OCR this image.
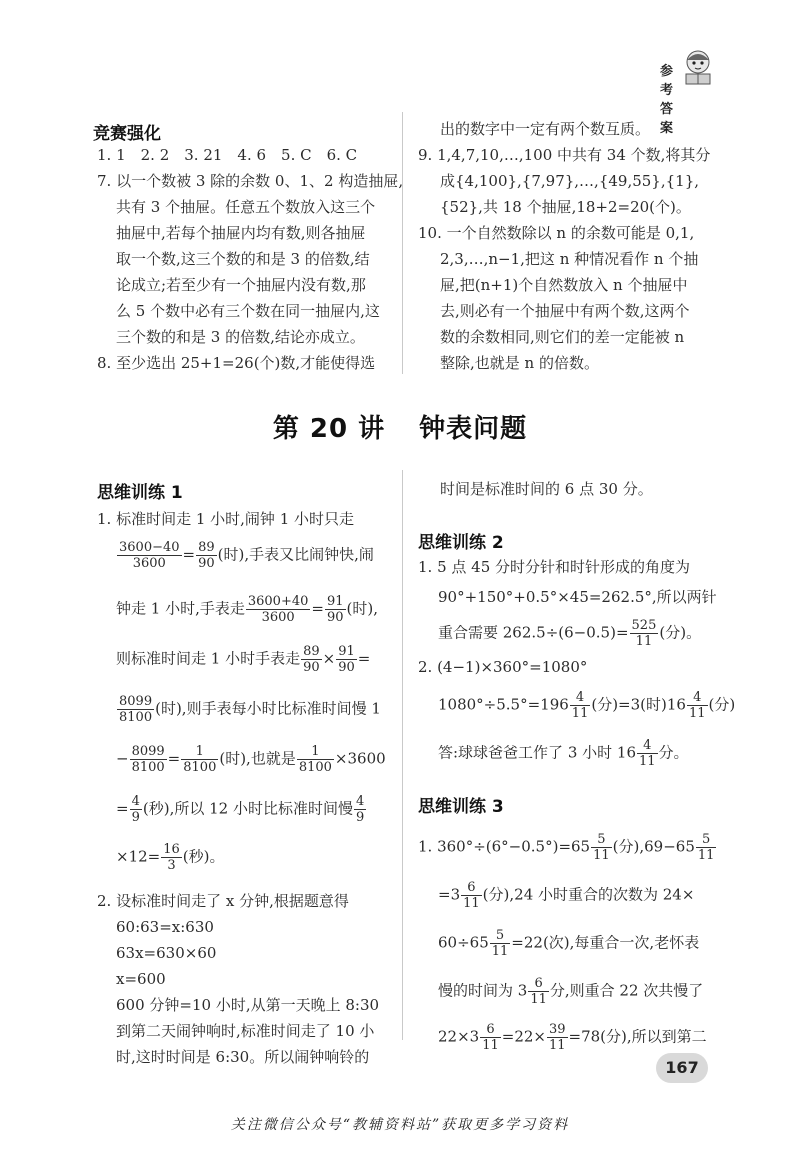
参考答案
竞赛强化
1. 1　2. 2　3. 21　4. 6　5. C　6. C
7. 以一个数被 3 除的余数 0、1、2 构造抽屉,
共有 3 个抽屉。任意五个数放入这三个
抽屉中,若每个抽屉内均有数,则各抽屉
取一个数,这三个数的和是 3 的倍数,结
论成立;若至少有一个抽屉内没有数,那
么 5 个数中必有三个数在同一抽屉内,这
三个数的和是 3 的倍数,结论亦成立。
8. 至少选出 25+1=26(个)数,才能使得选
出的数字中一定有两个数互质。
9. 1,4,7,10,…,100 中共有 34 个数,将其分
成{4,100},{7,97},…,{49,55},{1},
{52},共 18 个抽屉,18+2=20(个)。
10. 一个自然数除以 n 的余数可能是 0,1,
2,3,…,n−1,把这 n 种情况看作 n 个抽
屉,把(n+1)个自然数放入 n 个抽屉中
去,则必有一个抽屉中有两个数,这两个
数的余数相同,则它们的差一定能被 n
整除,也就是 n 的倍数。
第 20 讲 钟表问题
思维训练 1
1. 标准时间走 1 小时,闹钟 1 小时只走
$\frac{3600-40}{3600} = \frac{89}{90}$ (时),手表又比闹钟快,闹
钟走 1 小时,手表走 $\frac{3600+40}{3600} = \frac{91}{90}$ (时),
则标准时间走 1 小时手表走 $\frac{89}{90} \times \frac{91}{90}$ =
$\frac{8099}{8100}$ (时),则手表每小时比标准时间慢 1
− $\frac{8099}{8100} = \frac{1}{8100}$ (时),也就是 $\frac{1}{8100} \times 3600$
= $\frac{4}{9}$ (秒),所以 12 小时比标准时间慢 $\frac{4}{9}$
$\times 12= \frac{16}{3}$ (秒)。
2. 设标准时间走了 x 分钟,根据题意得
60:63=x:630
63x=630×60
x=600
600 分钟=10 小时,从第一天晚上 8:30
到第二天闹钟响时,标准时间走了 10 小
时,这时时间是 6:30。所以闹钟响铃的
时间是标准时间的 6 点 30 分。
思维训练 2
1. 5 点 45 分时分针和时针形成的角度为
90°+150°+0.5°×45=262.5°,所以两针
重合需要 $262.5\div(6-0.5)= \frac{525}{11}$ (分)。
2. (4−1)×360°=1080°
$1080^\circ\div 5.5^\circ=196 \frac{4}{11}$ (分)=3(时)$16 \frac{4}{11}$ (分)
答:球球爸爸工作了 3 小时 $16 \frac{4}{11}$ 分。
思维训练 3
1. $360^\circ\div(6^\circ-0.5^\circ)=65 \frac{5}{11}$ (分)$,69-65 \frac{5}{11}$
$=3 \frac{6}{11}$ (分),24 小时重合的次数为 24×
$60\div 65 \frac{5}{11} =22$(次),每重合一次,老怀表
慢的时间为 $3 \frac{6}{11}$ 分,则重合 22 次共慢了
$22\times 3 \frac{6}{11} =22\times \frac{39}{11} =78$(分),所以到第二
167
关注微信公众号“教辅资料站”获取更多学习资料
